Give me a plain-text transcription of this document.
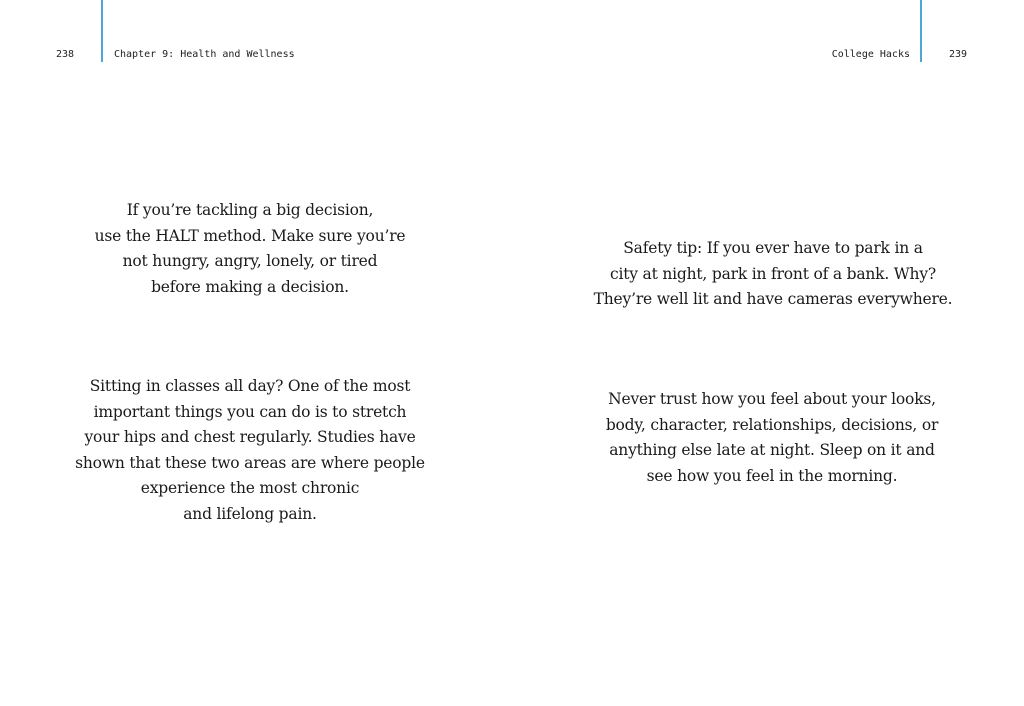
238	Chapter 9: Health and Wellness
If you’re tackling a big decision,
use the HALT method. Make sure you’re
not hungry, angry, lonely, or tired
before making a decision.
Sitting in classes all day? One of the most
important things you can do is to stretch
your hips and chest regularly. Studies have
shown that these two areas are where people
experience the most chronic
and lifelong pain.
College Hacks	239
Safety tip: If you ever have to park in a
city at night, park in front of a bank. Why?
They’re well lit and have cameras everywhere.
Never trust how you feel about your looks,
body, character, relationships, decisions, or
anything else late at night. Sleep on it and
see how you feel in the morning.
